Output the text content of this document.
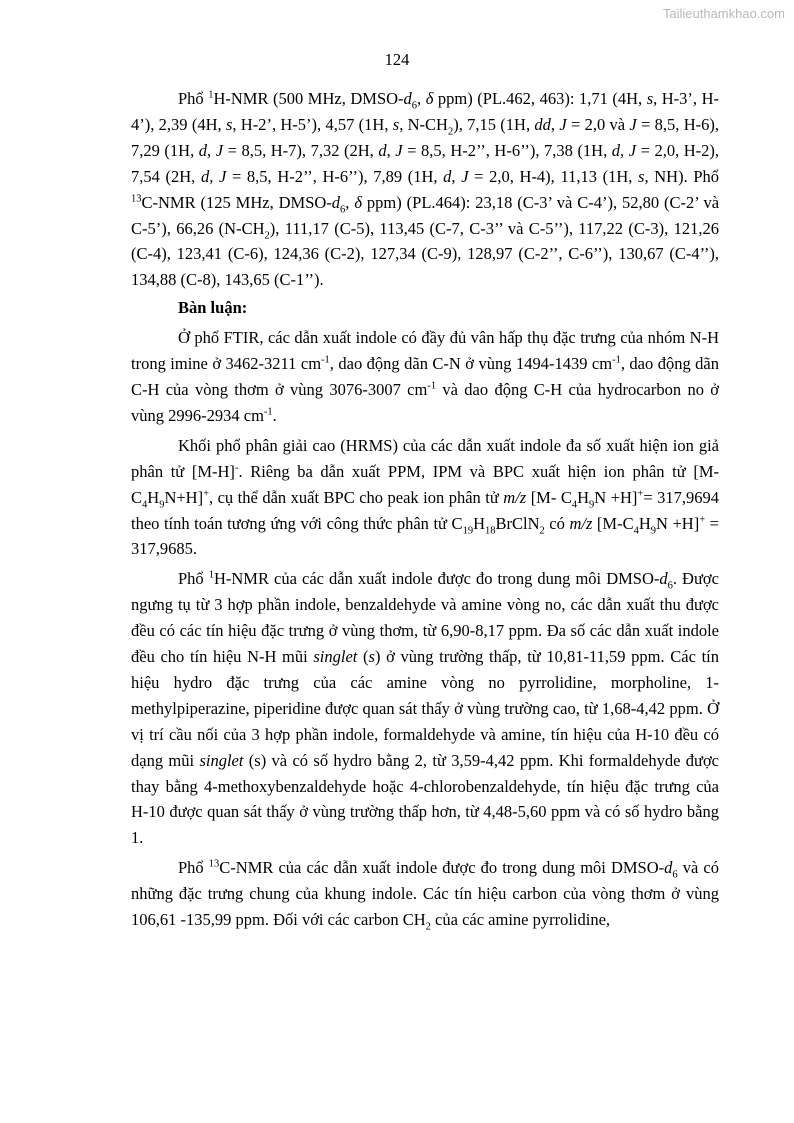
Tailieuthamkhao.com
124

Phổ $^1$H-NMR (500 MHz, DMSO-$d_6$, δ ppm) (PL.462, 463): 1,71 (4H, s, H-3’, H-4’), 2,39 (4H, s, H-2’, H-5’), 4,57 (1H, s, $N-CH_2$), 7,15 (1H, dd, J = 2,0 và J = 8,5, H-6), 7,29 (1H, d, J = 8,5, H-7), 7,32 (2H, d, J = 8,5, H-2’’, H-6’’), 7,38 (1H, d, J = 2,0, H-2), 7,54 (2H, d, J = 8,5, H-2’’, H-6’’), 7,89 (1H, d, J = 2,0, H-4), 11,13 (1H, s, NH). Phổ $^{13}$C-NMR (125 MHz, DMSO-$d_6$, δ ppm) (PL.464): 23,18 (C-3’ và C-4’), 52,80 (C-2’ và C-5’), 66,26 $(N-CH_2)$, 111,17 (C-5), 113,45 (C-7, C-3’’ và C-5’’), 117,22 (C-3), 121,26 (C-4), 123,41 (C-6), 124,36 (C-2), 127,34 (C-9), 128,97 (C-2’’, C-6’’), 130,67 (C-4’’), 134,88 (C-8), 143,65 (C-1’’).

Bàn luận:

Ở phổ FTIR, các dẫn xuất indole có đầy đủ vân hấp thụ đặc trưng của nhóm N-H trong imine ở 3462-3211 $cm^{-1}$, dao động dãn C-N ở vùng 1494-1439 $cm^{-1}$, dao động dãn C-H của vòng thơm ở vùng 3076-3007 $cm^{-1}$ và dao động C-H của hydrocarbon no ở vùng 2996-2934 $cm^{-1}$.

Khối phổ phân giải cao (HRMS) của các dẫn xuất indole đa số xuất hiện ion giả phân tử [M-H]-. Riêng ba dẫn xuất PPM, IPM và BPC xuất hiện ion phân tử $[M-C_4H_9N+H]^+$, cụ thể dẫn xuất BPC cho peak ion phân tử m/z [M- $C_4H_9N +H]^+= 317,9694$ theo tính toán tương ứng với công thức phân tử $C_{19}H_{18}BrClN_2$ có m/z $[M-C_4H_9N +H]^+ = 317,9685$.

Phổ $^1$H-NMR của các dẫn xuất indole được đo trong dung môi DMSO-$d_6$. Được ngưng tụ từ 3 hợp phần indole, benzaldehyde và amine vòng no, các dẫn xuất thu được đều có các tín hiệu đặc trưng ở vùng thơm, từ 6,90-8,17 ppm. Đa số các dẫn xuất indole đều cho tín hiệu N-H mũi singlet (s) ở vùng trường thấp, từ 10,81-11,59 ppm. Các tín hiệu hydro đặc trưng của các amine vòng no pyrrolidine, morpholine, 1-methylpiperazine, piperidine được quan sát thấy ở vùng trường cao, từ 1,68-4,42 ppm. Ở vị trí cầu nối của 3 hợp phần indole, formaldehyde và amine, tín hiệu của H-10 đều có dạng mũi singlet (s) và có số hydro bằng 2, từ 3,59-4,42 ppm. Khi formaldehyde được thay bằng 4-methoxybenzaldehyde hoặc 4-chlorobenzaldehyde, tín hiệu đặc trưng của H-10 được quan sát thấy ở vùng trường thấp hơn, từ 4,48-5,60 ppm và có số hydro bằng 1.

Phổ $^{13}$C-NMR của các dẫn xuất indole được đo trong dung môi DMSO-$d_6$ và có những đặc trưng chung của khung indole. Các tín hiệu carbon của vòng thơm ở vùng 106,61 -135,99 ppm. Đối với các carbon $CH_2$ của các amine pyrrolidine,
